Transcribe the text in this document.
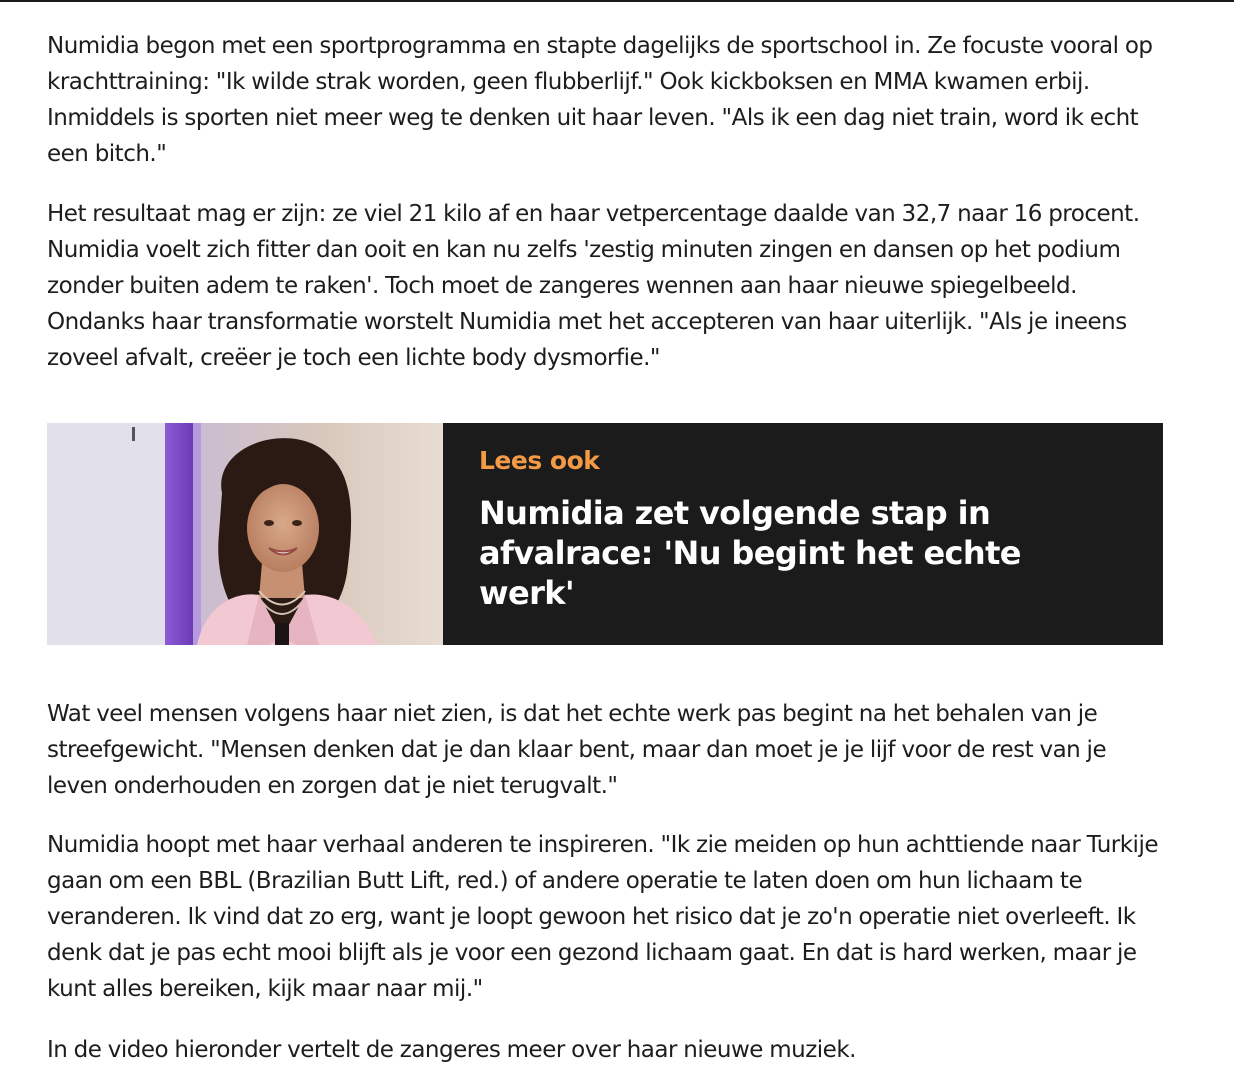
Numidia begon met een sportprogramma en stapte dagelijks de sportschool in. Ze focuste vooral op krachttraining: "Ik wilde strak worden, geen flubberlijf." Ook kickboksen en MMA kwamen erbij. Inmiddels is sporten niet meer weg te denken uit haar leven. "Als ik een dag niet train, word ik echt een bitch."

Het resultaat mag er zijn: ze viel 21 kilo af en haar vetpercentage daalde van 32,7 naar 16 procent. Numidia voelt zich fitter dan ooit en kan nu zelfs 'zestig minuten zingen en dansen op het podium zonder buiten adem te raken'. Toch moet de zangeres wennen aan haar nieuwe spiegelbeeld. Ondanks haar transformatie worstelt Numidia met het accepteren van haar uiterlijk. "Als je ineens zoveel afvalt, creëer je toch een lichte body dysmorfie."

Lees ook

Numidia zet volgende stap in afvalrace: 'Nu begint het echte werk'

Wat veel mensen volgens haar niet zien, is dat het echte werk pas begint na het behalen van je streefgewicht. "Mensen denken dat je dan klaar bent, maar dan moet je je lijf voor de rest van je leven onderhouden en zorgen dat je niet terugvalt."

Numidia hoopt met haar verhaal anderen te inspireren. "Ik zie meiden op hun achttiende naar Turkije gaan om een BBL (Brazilian Butt Lift, red.) of andere operatie te laten doen om hun lichaam te veranderen. Ik vind dat zo erg, want je loopt gewoon het risico dat je zo'n operatie niet overleeft. Ik denk dat je pas echt mooi blijft als je voor een gezond lichaam gaat. En dat is hard werken, maar je kunt alles bereiken, kijk maar naar mij."

In de video hieronder vertelt de zangeres meer over haar nieuwe muziek.
